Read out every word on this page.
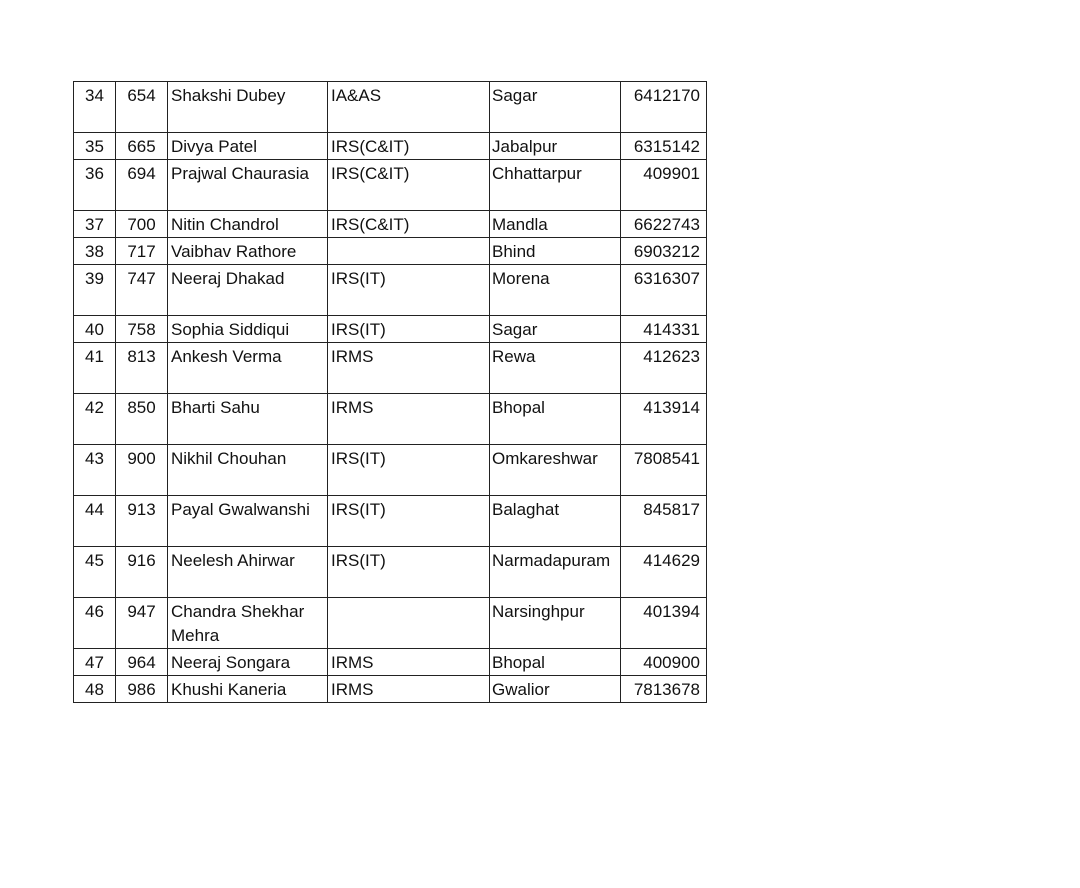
34	654	Shakshi Dubey	IA&AS	Sagar	6412170
35	665	Divya Patel	IRS(C&IT)	Jabalpur	6315142
36	694	Prajwal Chaurasia	IRS(C&IT)	Chhattarpur	409901
37	700	Nitin Chandrol	IRS(C&IT)	Mandla	6622743
38	717	Vaibhav Rathore		Bhind	6903212
39	747	Neeraj Dhakad	IRS(IT)	Morena	6316307
40	758	Sophia Siddiqui	IRS(IT)	Sagar	414331
41	813	Ankesh Verma	IRMS	Rewa	412623
42	850	Bharti Sahu	IRMS	Bhopal	413914
43	900	Nikhil Chouhan	IRS(IT)	Omkareshwar	7808541
44	913	Payal Gwalwanshi	IRS(IT)	Balaghat	845817
45	916	Neelesh Ahirwar	IRS(IT)	Narmadapuram	414629
46	947	Chandra Shekhar Mehra		Narsinghpur	401394
47	964	Neeraj Songara	IRMS	Bhopal	400900
48	986	Khushi Kaneria	IRMS	Gwalior	7813678
